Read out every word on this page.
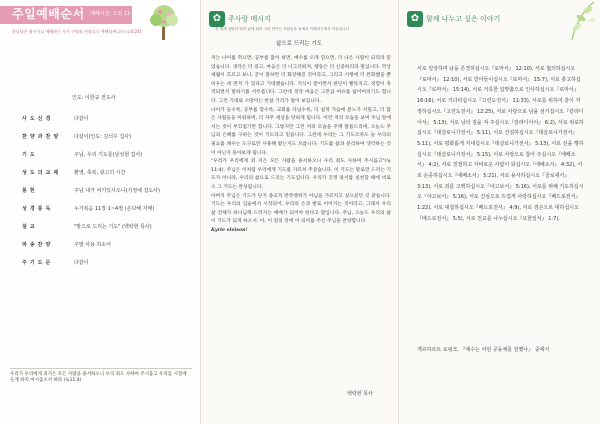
주일예배순서 예배시간: 오전 11시
하나님은 영이시니 예배하는 자가 신령과 진정으로 예배할찌니라 (요4:24)
인도: 이한규 전도사
사도신경	다같이
찬양과찬양	다같이(인도: 김석우 집사)
기도	주님, 우리 기도를(남성현 집사)
성도의교제	환영, 축복, 광고의 시간
봉헌	주님 내가 여기있사오니(지정예 집도사)
성경봉독	누가복음 11장 1~4절 (손다해 자매)
설교	"말으로 드리는 기도" (백락현 목사)
파송찬양	주발 사용 하소서
주기도문	다같이
우리가 우리에게 죄지은 모든 사람을 용서하오니 우리 죄도 사하여 주시옵고 우리를 시험에 들게 하지 마시옵소서 하라 (눅11:4)
✿ 주사랑 메시지
전 세계 열방과 영과 삶에 위하 고리 만이든 사람들을 돌에서 이해하는에서 이상입니다
삶으로 드리는 기도

저는 나이를 먹으면, 공부를 많이 하면, 예수를 오래 믿으면, 더 나은 사람이 되리라 믿었습니다. 생각은 더 깊고, 마음은 더 너그러워져, 행동은 더 신중하리라 말입니다. 막상 세월이 흐르고 보니, 굳이 말하면 더 화장해진 것이라고, 그리고 시행에 더 완화했을 뿐 비우는 데 먼저 가 있다고 기대했습니다. 지식이 쌓이면서 판단이 빨라지고, 경험이 축적되면서 말하기를 서두릅니다. 그런데 정작 마음은 그만큼 여유를 잃어버리기도 합니다. 그런 기대와 소망이는 한참 거리가 멀어 보입니다.

나이가 들수록, 공부를 할수록, 교회를 다닐수록, 더 쉽게 가슴에 분노가 치밀고, 더 많은 사람들을 미워하며, 더 자주 세상을 탓하게 됩니다. 이런 저의 모습을 보며 주님 앞에 서는 것이 부끄럽기만 합니다. 그렇지만 그런 저의 모습을 주께 말씀드리며, 오늘도 주님의 은혜를 구하는 것이 기도라고 믿습니다. 그런데 우리는 그 기도조차도 늘 우리의 필요를 채우는 도구로만 사용해 왔는지도 모릅니다. 기도를 삶과 분리하여 생각하는 것이 아닌지 돌아보게 됩니다.

"우리가 우리에게 죄 지은 모든 사람을 용서하오니 우리 죄도 사하여 주시옵고"(눅11:4). 주님은 이처럼 우리에게 기도를 가르쳐 주셨습니다. 이 기도는 말로만 드리는 기도가 아니라, 우리의 삶으로 드리는 기도입니다. 우리가 진정 용서를 실천할 때에 비로소 그 기도는 완성됩니다.

아버지 주님은 기도가 단지 종교적 반복행위가 아님을 가르치고 싶으셨던 것 같습니다. 기도는 우리의 입술에서 시작되어, 우리의 손과 발로 이어지는 것이라고, 그래서 우리 삶 전체가 하나님께 드려지는 예배가 되어야 한다고 말입니다. 주님, 오늘도 우리의 삶이 기도가 되게 하소서. 아, 이 길의 앞에 이 의미를 주신 주님을 찬양합니다.

Kyrie eleison!

백락현 목사
✿ 함께 나누고 싶은 이야기

서로 일앙하며 남을 존경하십시오『로마서』 12:10), 서로 협의하십시오『로마서』 12:10), 서로 받아들이십시오『로마서』 15:7), 서로 충고하십시오『로마서』 15:14), 서로 거룩한 입맞춤으로 인사하십시오『로마서』 16:16), 서로 기다리십시오『고린도전서』 11:33), 서로를 위하여 같이 걱정하십시오『고린도전서』 12:25), 서로 사랑으로 남을 섬기십시오『갈라디아서』 5:13), 서로 남의 짐을 져 주십시오『갈라디아서』 6:2), 서로 위로하십시오『데살로니가전서』 5:11), 서로 건설하십시오『데살로니가전서』 5:11), 서로 평화롭게 지내십시오『데살로니가전서』 5:13), 서로 선을 행하십시오『데살로니가전서』 5:15), 서로 사랑으로 참아 주십시오『에베소서』 4:2), 서로 친절하고 자비로운 사람이 되십시오『에베소서』 4:32), 서로 순종하십시오『에베소서』 5:21), 서로 용서하십시오『골로새서』 3:13), 서로 죄를 고백하십시오『야고보서』 5:16), 서로를 위해 기도하십시오『야고보서』 5:16), 서로 진심으로 뜨겁게 사랑하십시오『베드로전서』 1:22), 서로 대접하십시오『베드로전서』 4:9), 서로 겸손으로 대하십시오『베드로전서』 5:5), 서로 친교를 나누십시오『요한일서』 1:7).

게르하르트 로핑크, 『예수는 어떤 공동체를 원했나』 중에서
